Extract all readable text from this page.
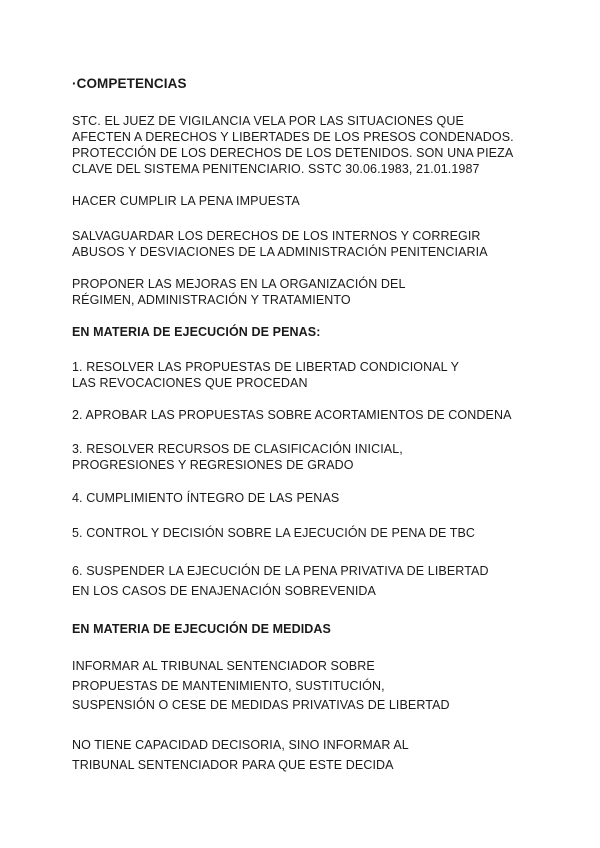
·COMPETENCIAS

STC. EL JUEZ DE VIGILANCIA VELA POR LAS SITUACIONES QUE AFECTEN A DERECHOS Y LIBERTADES DE LOS PRESOS CONDENADOS. PROTECCIÓN DE LOS DERECHOS DE LOS DETENIDOS. SON UNA PIEZA CLAVE DEL SISTEMA PENITENCIARIO. SSTC 30.06.1983, 21.01.1987

HACER CUMPLIR LA PENA IMPUESTA

SALVAGUARDAR LOS DERECHOS DE LOS INTERNOS Y CORREGIR ABUSOS Y DESVIACIONES DE LA ADMINISTRACIÓN PENITENCIARIA

PROPONER LAS MEJORAS EN LA ORGANIZACIÓN DEL RÉGIMEN, ADMINISTRACIÓN Y TRATAMIENTO

EN MATERIA DE EJECUCIÓN DE PENAS:

1. RESOLVER LAS PROPUESTAS DE LIBERTAD CONDICIONAL Y LAS REVOCACIONES QUE PROCEDAN

2. APROBAR LAS PROPUESTAS SOBRE ACORTAMIENTOS DE CONDENA

3. RESOLVER RECURSOS DE CLASIFICACIÓN INICIAL, PROGRESIONES Y REGRESIONES DE GRADO

4. CUMPLIMIENTO ÍNTEGRO DE LAS PENAS

5. CONTROL Y DECISIÓN SOBRE LA EJECUCIÓN DE PENA DE TBC

6. SUSPENDER LA EJECUCIÓN DE LA PENA PRIVATIVA DE LIBERTAD EN LOS CASOS DE ENAJENACIÓN SOBREVENIDA

EN MATERIA DE EJECUCIÓN DE MEDIDAS

INFORMAR AL TRIBUNAL SENTENCIADOR SOBRE PROPUESTAS DE MANTENIMIENTO, SUSTITUCIÓN, SUSPENSIÓN O CESE DE MEDIDAS PRIVATIVAS DE LIBERTAD

NO TIENE CAPACIDAD DECISORIA, SINO INFORMAR AL TRIBUNAL SENTENCIADOR PARA QUE ESTE DECIDA
